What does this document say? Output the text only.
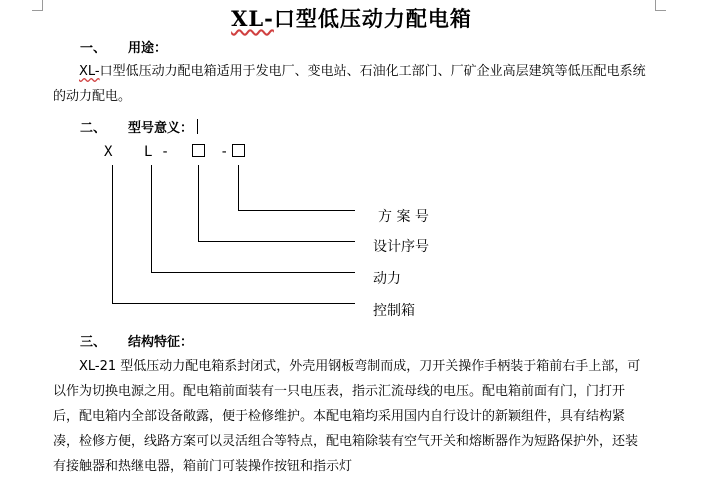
XL-口型低压动力配电箱
一、 用途：
XL-口型低压动力配电箱适用于发电厂、变电站、石油化工部门、厂矿企业高层建筑等低压配电系统的动力配电。
二、 型号意义：
X L -	-
方 案 号
设计序号
动力
控制箱
三、 结构特征：
XL-21 型低压动力配电箱系封闭式，外壳用钢板弯制而成，刀开关操作手柄装于箱前右手上部，可以作为切换电源之用。配电箱前面装有一只电压表，指示汇流母线的电压。配电箱前面有门，门打开后，配电箱内全部设备敞露，便于检修维护。本配电箱均采用国内自行设计的新颖组件，具有结构紧凑，检修方便，线路方案可以灵活组合等特点，配电箱除装有空气开关和熔断器作为短路保护外，还装有接触器和热继电器，箱前门可装操作按钮和指示灯
